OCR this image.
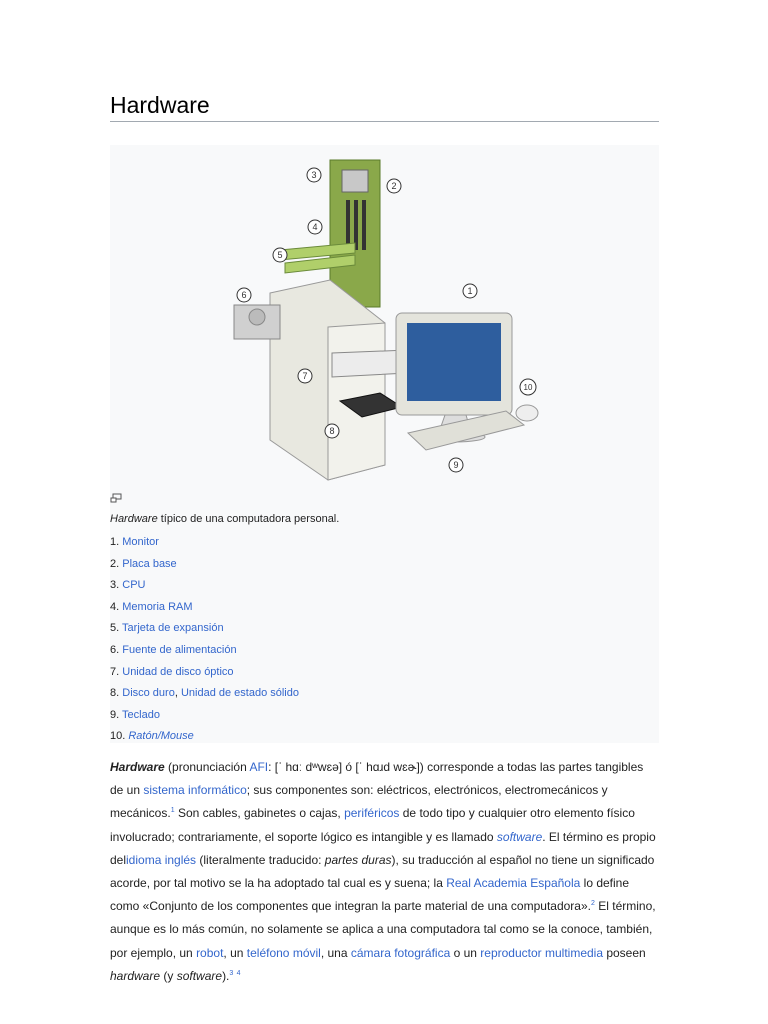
Hardware
1
2
3
4
5
6
7
8
9
10
Hardware típico de una computadora personal.
1. Monitor
2. Placa base
3. CPU
4. Memoria RAM
5. Tarjeta de expansión
6. Fuente de alimentación
7. Unidad de disco óptico
8. Disco duro, Unidad de estado sólido
9. Teclado
10. Ratón/Mouse

Hardware (pronunciación AFI: [ˈ hɑː dʷwɛə] ó [ˈ hɑɹd wɛɚ]) corresponde a todas las partes tangibles de un sistema informático; sus componentes son: eléctricos, electrónicos, electromecánicos y mecánicos.$^1$ Son cables, gabinetes o cajas, periféricos de todo tipo y cualquier otro elemento físico involucrado; contrariamente, el soporte lógico es intangible y es llamado software. El término es propio delidioma inglés (literalmente traducido: partes duras), su traducción al español no tiene un significado acorde, por tal motivo se la ha adoptado tal cual es y suena; la Real Academia Española lo define como «Conjunto de los componentes que integran la parte material de una computadora».$^2$ El término, aunque es lo más común, no solamente se aplica a una computadora tal como se la conoce, también, por ejemplo, un robot, un teléfono móvil, una cámara fotográfica o un reproductor multimedia poseen hardware (y software).$^3$ $^4$
